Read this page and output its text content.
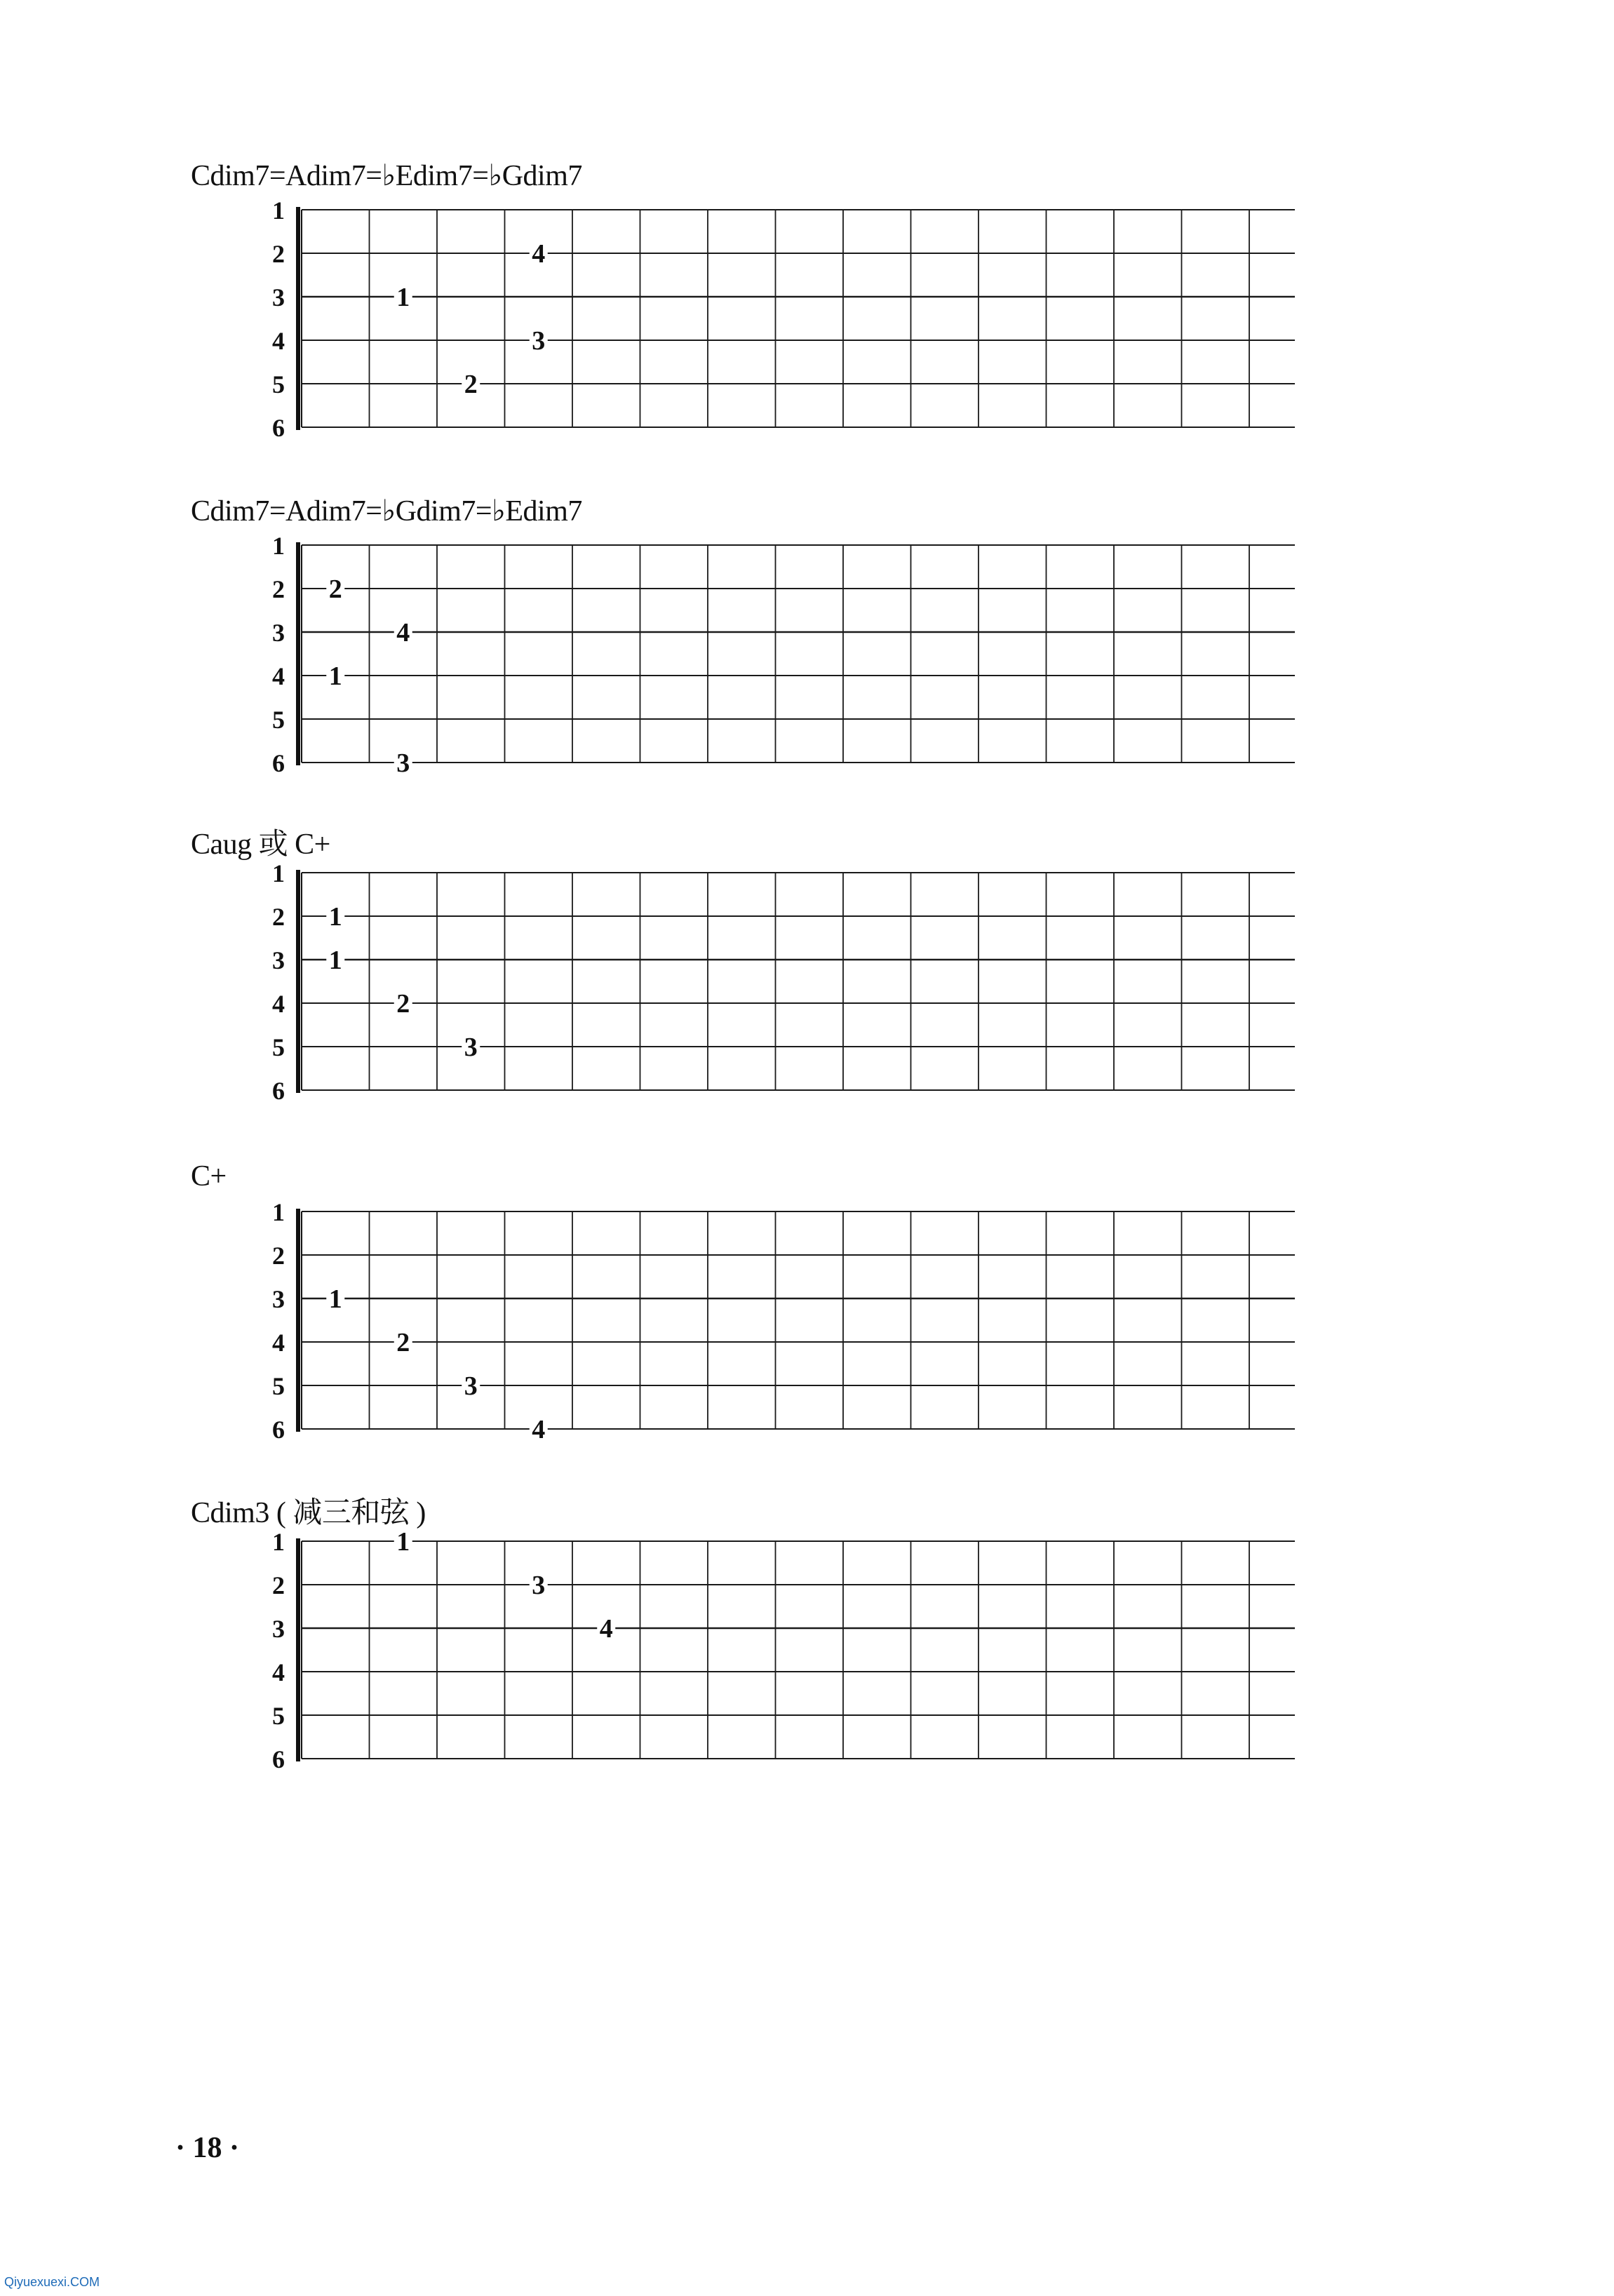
Cdim7=Adim7=♭Edim7=♭Gdim7
1
2
3
4
5
6
4
1
3
2
Cdim7=Adim7=♭Gdim7=♭Edim7
1
2
3
4
5
6
2
4
1
3
Caug 或 C+
1
2
3
4
5
6
1
1
2
3
C+
1
2
3
4
5
6
1
2
3
4
Cdim3 ( 减三和弦 )
1
2
3
4
5
6
1
3
4
· 18 ·
Qiyuexuexi.COM
